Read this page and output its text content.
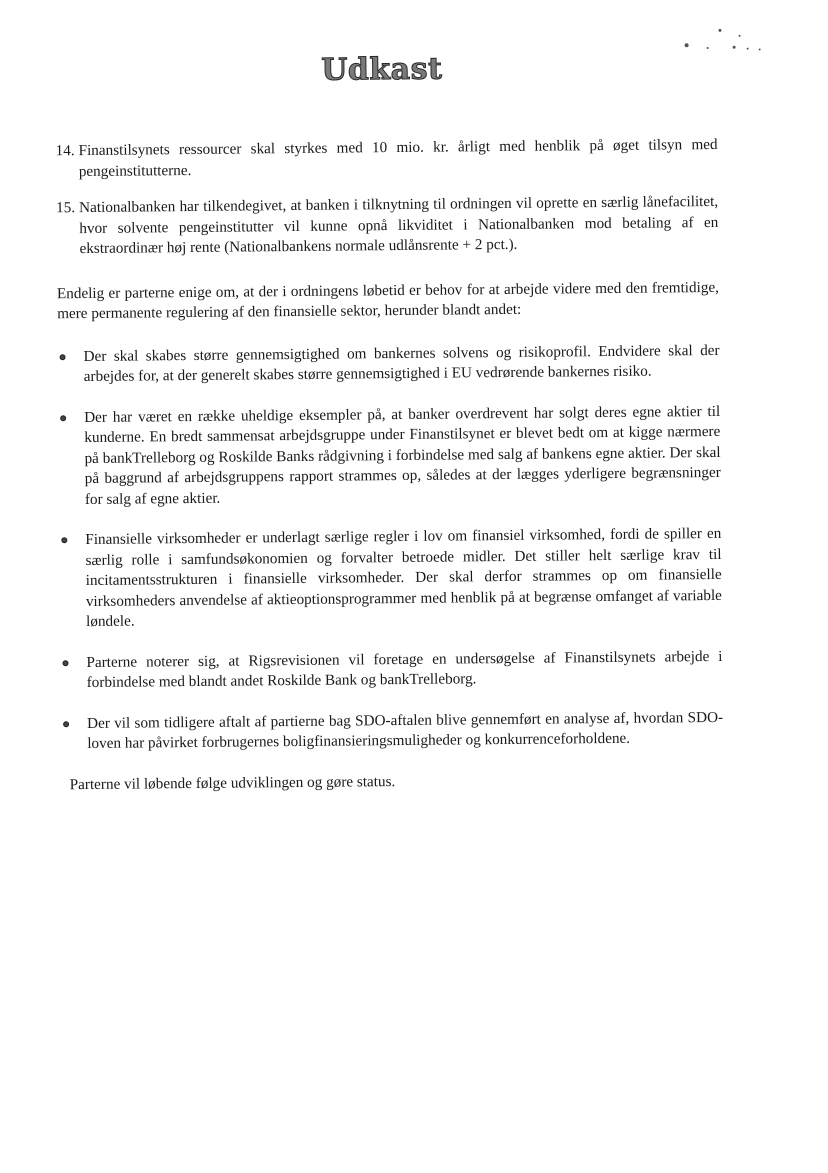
Udkast
14. Finanstilsynets ressourcer skal styrkes med 10 mio. kr. årligt med henblik på øget tilsyn med pengeinstitutterne.
15. Nationalbanken har tilkendegivet, at banken i tilknytning til ordningen vil oprette en særlig lånefacilitet, hvor solvente pengeinstitutter vil kunne opnå likviditet i Nationalbanken mod betaling af en ekstraordinær høj rente (Nationalbankens normale udlånsrente + 2 pct.).

Endelig er parterne enige om, at der i ordningens løbetid er behov for at arbejde videre med den fremtidige, mere permanente regulering af den finansielle sektor, herunder blandt andet:

Der skal skabes større gennemsigtighed om bankernes solvens og risikoprofil. Endvidere skal der arbejdes for, at der generelt skabes større gennemsigtighed i EU vedrørende bankernes risiko.
Der har været en række uheldige eksempler på, at banker overdrevent har solgt deres egne aktier til kunderne. En bredt sammensat arbejdsgruppe under Finanstilsynet er blevet bedt om at kigge nærmere på bankTrelleborg og Roskilde Banks rådgivning i forbindelse med salg af bankens egne aktier. Der skal på baggrund af arbejdsgruppens rapport strammes op, således at der lægges yderligere begrænsninger for salg af egne aktier.
Finansielle virksomheder er underlagt særlige regler i lov om finansiel virksomhed, fordi de spiller en særlig rolle i samfundsøkonomien og forvalter betroede midler. Det stiller helt særlige krav til incitamentsstrukturen i finansielle virksomheder. Der skal derfor strammes op om finansielle virksomheders anvendelse af aktieoptionsprogrammer med henblik på at begrænse omfanget af variable løndele.
Parterne noterer sig, at Rigsrevisionen vil foretage en undersøgelse af Finanstilsynets arbejde i forbindelse med blandt andet Roskilde Bank og bankTrelleborg.
Der vil som tidligere aftalt af partierne bag SDO-aftalen blive gennemført en analyse af, hvordan SDO-loven har påvirket forbrugernes boligfinansieringsmuligheder og konkurrenceforholdene.

Parterne vil løbende følge udviklingen og gøre status.
